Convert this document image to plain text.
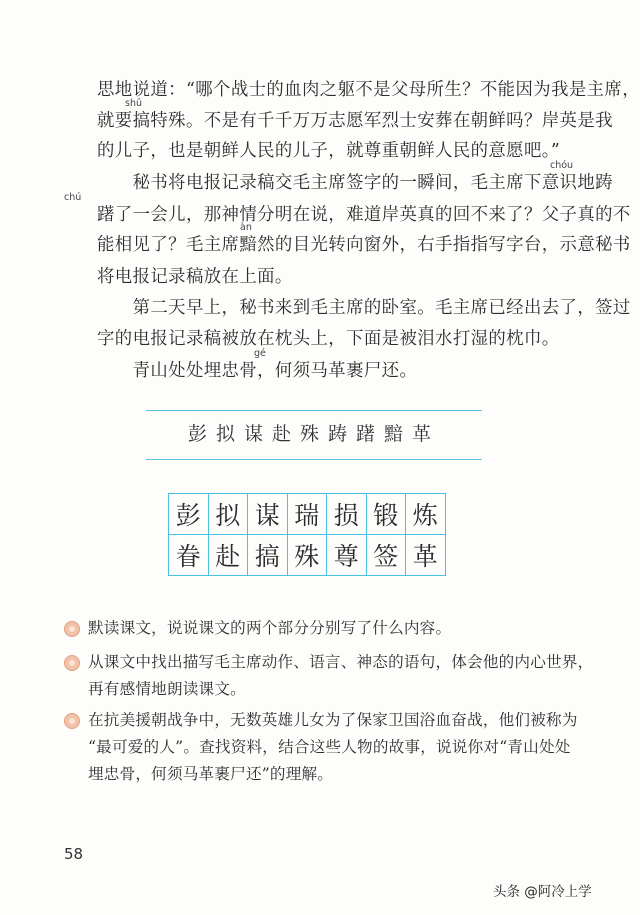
思地说道：“哪个战士的血肉之躯不是父母所生？不能因为我是主席，

就要搞特殊。不是有千千万万志愿军烈士安葬在朝鲜吗？岸英是我

的儿子，也是朝鲜人民的儿子，就尊重朝鲜人民的意愿吧。”

　　秘书将电报记录稿交毛主席签字的一瞬间，毛主席下意识地踌

躇了一会儿，那神情分明在说，难道岸英真的回不来了？父子真的不

能相见了？毛主席黯然的目光转向窗外，右手指指写字台，示意秘书

将电报记录稿放在上面。

　　第二天早上，秘书来到毛主席的卧室。毛主席已经出去了，签过

字的电报记录稿被放在枕头上，下面是被泪水打湿的枕巾。

　　青山处处埋忠骨，何须马革裹尸还。

shū
chóu
chú
àn
gé
彭拟谋赴殊踌躇黯革
彭	拟	谋	瑞	损	锻	炼
眷	赴	搞	殊	尊	签	革
默读课文，说说课文的两个部分分别写了什么内容。
从课文中找出描写毛主席动作、语言、神态的语句，体会他的内心世界，
再有感情地朗读课文。
在抗美援朝战争中，无数英雄儿女为了保家卫国浴血奋战，他们被称为
“最可爱的人”。查找资料，结合这些人物的故事，说说你对“青山处处
埋忠骨，何须马革裹尸还”的理解。
58
头条 @阿冷上学
